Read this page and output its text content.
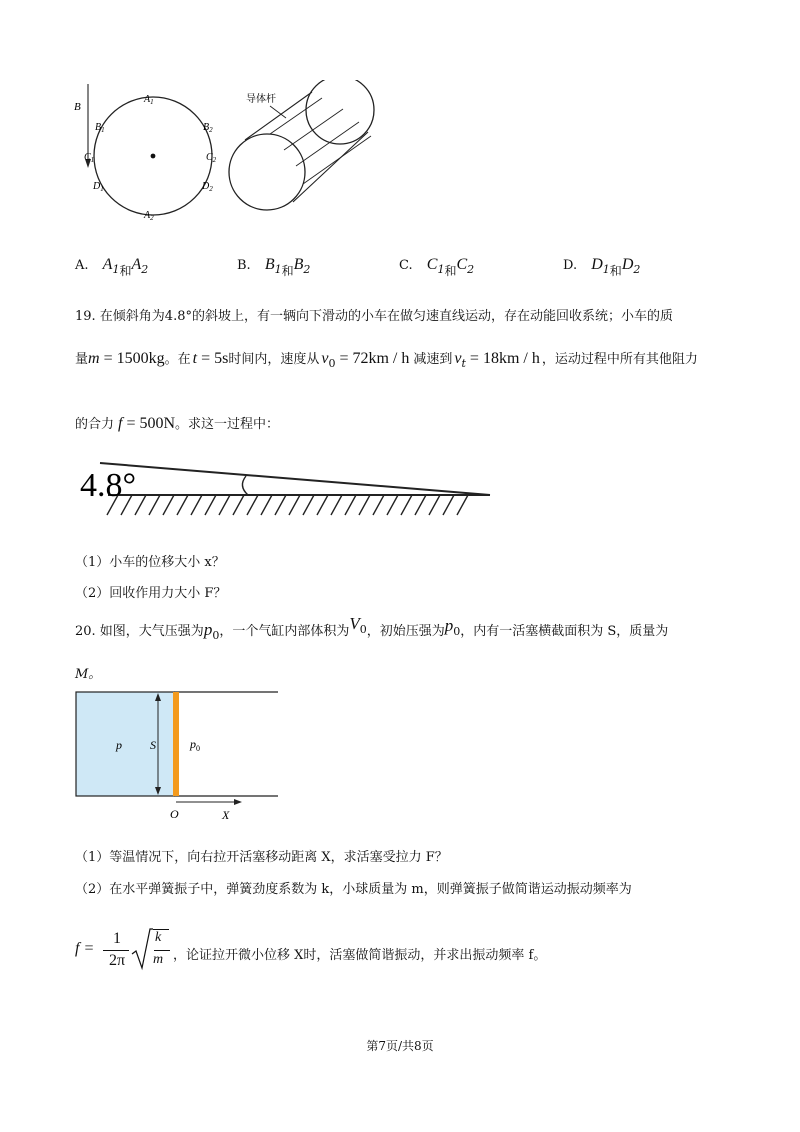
B
$A_1$
$A_2$
$B_1$	$B_2$
$C_1$	$C_2$
$D_1$	$D_2$
导体杆
A. $A_1$和$A_2$	B. $B_1$和$B_2$	C. $C_1$和$C_2$	D. $D_1$和$D_2$
19. 在倾斜角为4.8°的斜坡上，有一辆向下滑动的小车在做匀速直线运动，存在动能回收系统；小车的质
量m = 1500kg。在 t = 5s时间内，速度从 $v_0 = 72km / h$ 减速到 $v_t = 18km / h$ ，运动过程中所有其他阻力
的合力 f = 500N。求这一过程中：
4.8°
（1）小车的位移大小 x？
（2）回收作用力大小 F？
20. 如图，大气压强为$p_0$，一个气缸内部体积为V0，初始压强为p0，内有一活塞横截面积为 S，质量为
M。
S
p	$p_0$
O	X
（1）等温情况下，向右拉开活塞移动距离 X，求活塞受拉力 F？
（2）在水平弹簧振子中，弹簧劲度系数为 k，小球质量为 m，则弹簧振子做简谐运动振动频率为
f =
1
2π
k
m ，论证拉开微小位移 X时，活塞做简谐振动，并求出振动频率 f。
第7页/共8页
